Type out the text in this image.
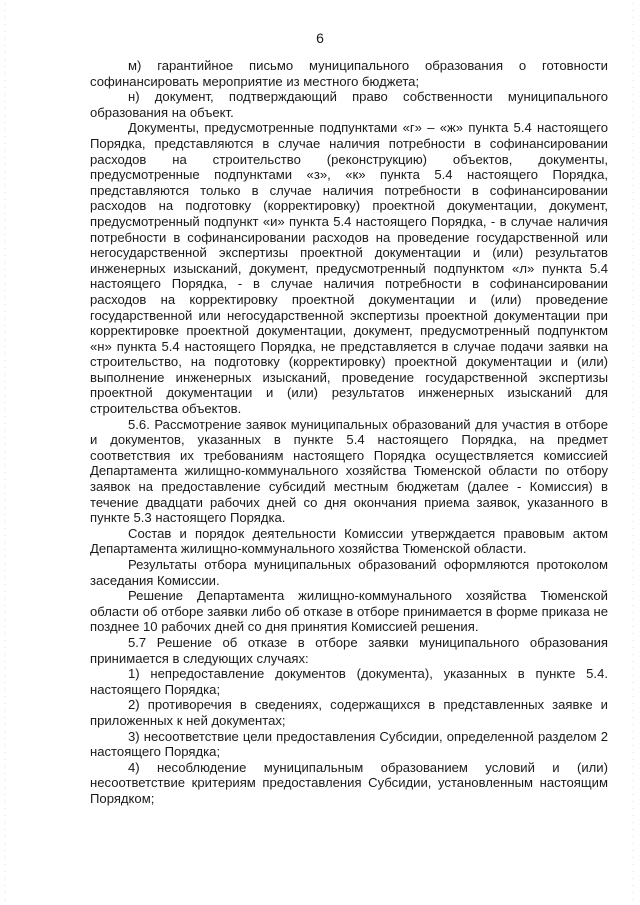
6

м) гарантийное письмо муниципального образования о готовности софинансировать мероприятие из местного бюджета;

н) документ, подтверждающий право собственности муниципального образования на объект.

Документы, предусмотренные подпунктами «г» – «ж» пункта 5.4 настоящего Порядка, представляются в случае наличия потребности в софинансировании расходов на строительство (реконструкцию) объектов, документы, предусмотренные подпунктами «з», «к» пункта 5.4 настоящего Порядка, представляются только в случае наличия потребности в софинансировании расходов на подготовку (корректировку) проектной документации, документ, предусмотренный подпункт «и» пункта 5.4 настоящего Порядка, - в случае наличия потребности в софинансировании расходов на проведение государственной или негосударственной экспертизы проектной документации и (или) результатов инженерных изысканий, документ, предусмотренный подпунктом «л» пункта 5.4 настоящего Порядка, - в случае наличия потребности в софинансировании расходов на корректировку проектной документации и (или) проведение государственной или негосударственной экспертизы проектной документации при корректировке проектной документации, документ, предусмотренный подпунктом «н» пункта 5.4 настоящего Порядка, не представляется в случае подачи заявки на строительство, на подготовку (корректировку) проектной документации и (или) выполнение инженерных изысканий, проведение государственной экспертизы проектной документации и (или) результатов инженерных изысканий для строительства объектов.

5.6. Рассмотрение заявок муниципальных образований для участия в отборе и документов, указанных в пункте 5.4 настоящего Порядка, на предмет соответствия их требованиям настоящего Порядка осуществляется комиссией Департамента жилищно-коммунального хозяйства Тюменской области по отбору заявок на предоставление субсидий местным бюджетам (далее - Комиссия) в течение двадцати рабочих дней со дня окончания приема заявок, указанного в пункте 5.3 настоящего Порядка.

Состав и порядок деятельности Комиссии утверждается правовым актом Департамента жилищно-коммунального хозяйства Тюменской области.

Результаты отбора муниципальных образований оформляются протоколом заседания Комиссии.

Решение Департамента жилищно-коммунального хозяйства Тюменской области об отборе заявки либо об отказе в отборе принимается в форме приказа не позднее 10 рабочих дней со дня принятия Комиссией решения.

5.7 Решение об отказе в отборе заявки муниципального образования принимается в следующих случаях:

1) непредоставление документов (документа), указанных в пункте 5.4. настоящего Порядка;

2) противоречия в сведениях, содержащихся в представленных заявке и приложенных к ней документах;

3) несоответствие цели предоставления Субсидии, определенной разделом 2 настоящего Порядка;

4) несоблюдение муниципальным образованием условий и (или) несоответствие критериям предоставления Субсидии, установленным настоящим Порядком;
